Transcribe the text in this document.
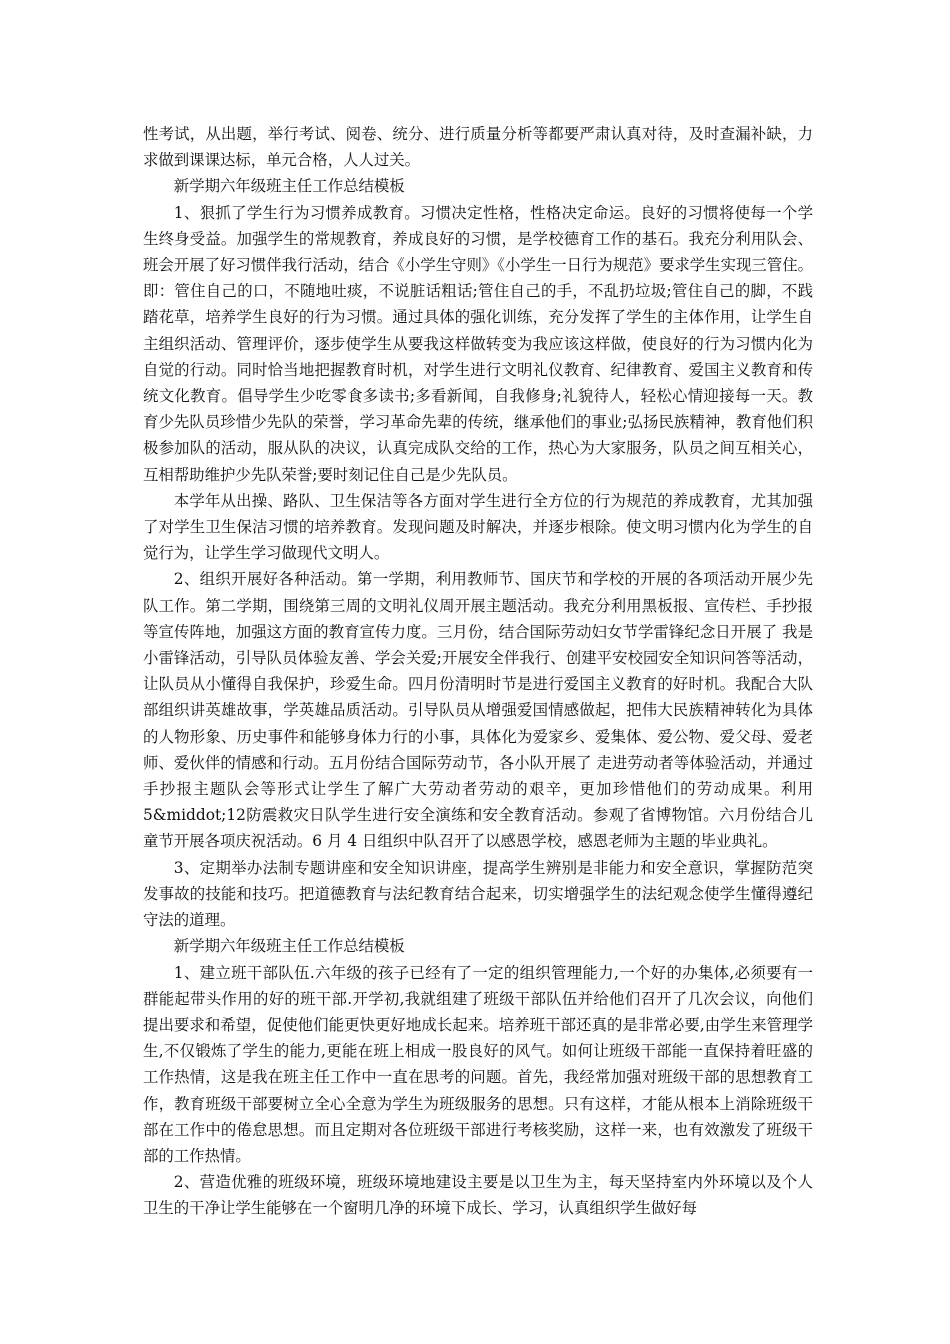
性考试，从出题，举行考试、阅卷、统分、进行质量分析等都要严肃认真对待，及时查漏补缺，力求做到课课达标，单元合格，人人过关。

新学期六年级班主任工作总结模板

1、狠抓了学生行为习惯养成教育。习惯决定性格，性格决定命运。良好的习惯将使每一个学生终身受益。加强学生的常规教育，养成良好的习惯，是学校德育工作的基石。我充分利用队会、班会开展了好习惯伴我行活动，结合《小学生守则》《小学生一日行为规范》要求学生实现三管住。即：管住自己的口，不随地吐痰，不说脏话粗话;管住自己的手，不乱扔垃圾;管住自己的脚，不践踏花草，培养学生良好的行为习惯。通过具体的强化训练，充分发挥了学生的主体作用，让学生自主组织活动、管理评价，逐步使学生从要我这样做转变为我应该这样做，使良好的行为习惯内化为自觉的行动。同时恰当地把握教育时机，对学生进行文明礼仪教育、纪律教育、爱国主义教育和传统文化教育。倡导学生少吃零食多读书;多看新闻，自我修身;礼貌待人，轻松心情迎接每一天。教育少先队员珍惜少先队的荣誉，学习革命先辈的传统，继承他们的事业;弘扬民族精神，教育他们积极参加队的活动，服从队的决议，认真完成队交给的工作，热心为大家服务，队员之间互相关心，互相帮助维护少先队荣誉;要时刻记住自己是少先队员。

本学年从出操、路队、卫生保洁等各方面对学生进行全方位的行为规范的养成教育，尤其加强了对学生卫生保洁习惯的培养教育。发现问题及时解决，并逐步根除。使文明习惯内化为学生的自觉行为，让学生学习做现代文明人。

2、组织开展好各种活动。第一学期，利用教师节、国庆节和学校的开展的各项活动开展少先队工作。第二学期，围绕第三周的文明礼仪周开展主题活动。我充分利用黑板报、宣传栏、手抄报等宣传阵地，加强这方面的教育宣传力度。三月份，结合国际劳动妇女节学雷锋纪念日开展了 我是小雷锋活动，引导队员体验友善、学会关爱;开展安全伴我行、创建平安校园安全知识问答等活动，让队员从小懂得自我保护，珍爱生命。四月份清明时节是进行爱国主义教育的好时机。我配合大队部组织讲英雄故事，学英雄品质活动。引导队员从增强爱国情感做起，把伟大民族精神转化为具体的人物形象、历史事件和能够身体力行的小事，具体化为爱家乡、爱集体、爱公物、爱父母、爱老师、爱伙伴的情感和行动。五月份结合国际劳动节，各小队开展了 走进劳动者等体验活动，并通过手抄报主题队会等形式让学生了解广大劳动者劳动的艰辛，更加珍惜他们的劳动成果。利用 5&middot;12防震救灾日队学生进行安全演练和安全教育活动。参观了省博物馆。六月份结合儿童节开展各项庆祝活动。6 月 4 日组织中队召开了以感恩学校，感恩老师为主题的毕业典礼。

3、定期举办法制专题讲座和安全知识讲座，提高学生辨别是非能力和安全意识，掌握防范突发事故的技能和技巧。把道德教育与法纪教育结合起来，切实增强学生的法纪观念使学生懂得遵纪守法的道理。

新学期六年级班主任工作总结模板

1、建立班干部队伍.六年级的孩子已经有了一定的组织管理能力,一个好的办集体,必须要有一群能起带头作用的好的班干部.开学初,我就组建了班级干部队伍并给他们召开了几次会议，向他们提出要求和希望，促使他们能更快更好地成长起来。培养班干部还真的是非常必要,由学生来管理学生,不仅锻炼了学生的能力,更能在班上相成一股良好的风气。如何让班级干部能一直保持着旺盛的工作热情，这是我在班主任工作中一直在思考的问题。首先，我经常加强对班级干部的思想教育工作，教育班级干部要树立全心全意为学生为班级服务的思想。只有这样，才能从根本上消除班级干部在工作中的倦怠思想。而且定期对各位班级干部进行考核奖励，这样一来，也有效激发了班级干部的工作热情。

2、营造优雅的班级环境，班级环境地建设主要是以卫生为主，每天坚持室内外环境以及个人卫生的干净让学生能够在一个窗明几净的环境下成长、学习，认真组织学生做好每
